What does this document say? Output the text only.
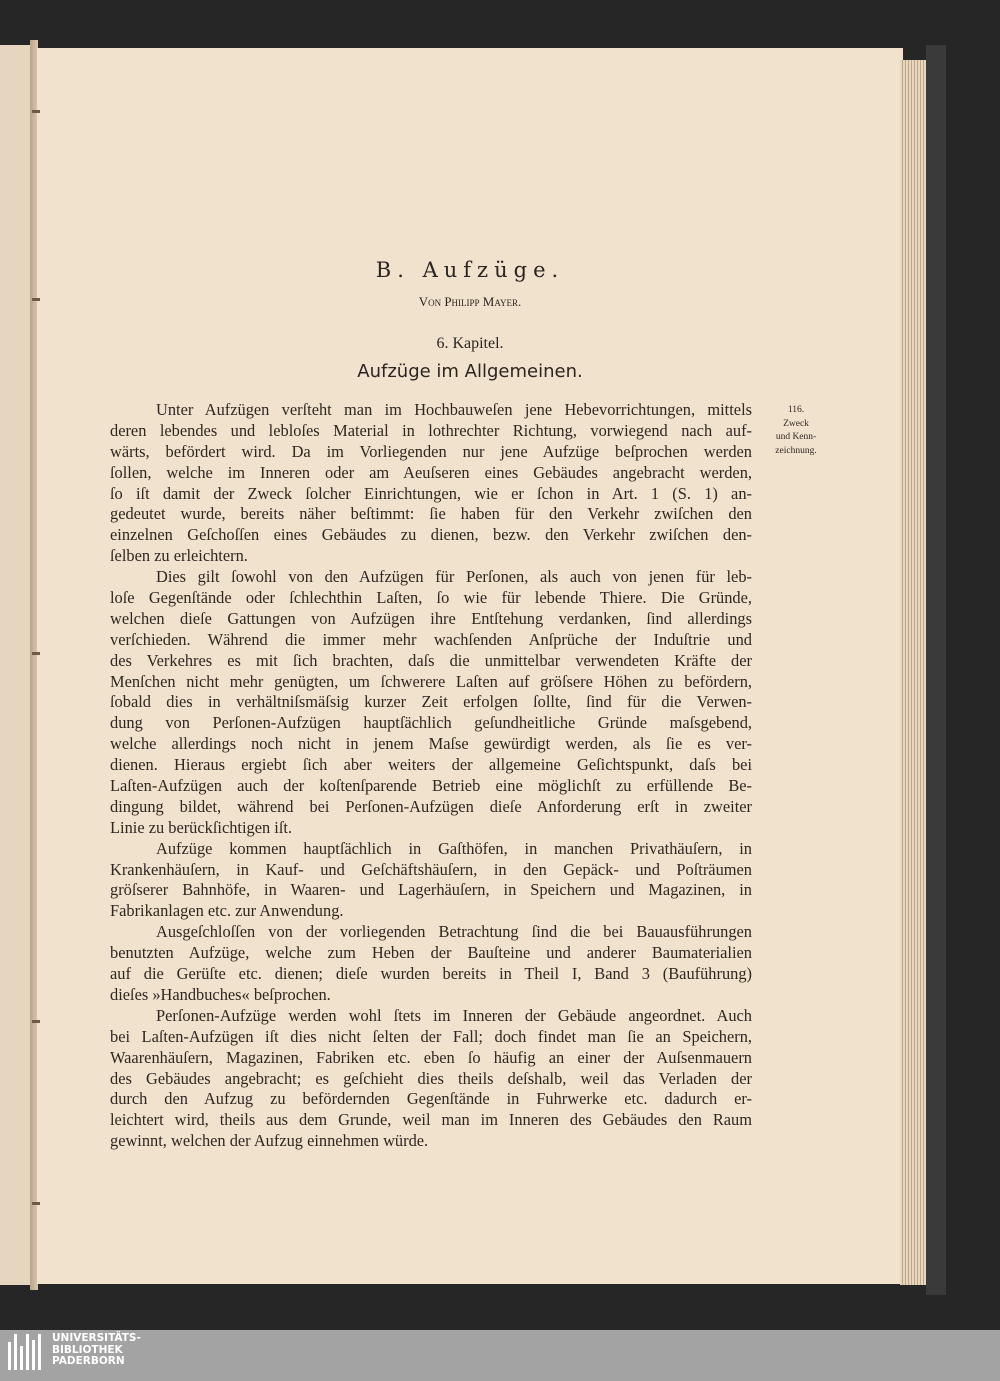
B. Aufzüge.
Von Philipp Mayer.
6. Kapitel.
Aufzüge im Allgemeinen.
Unter Aufzügen verſteht man im Hochbauweſen jene Hebevorrichtungen, mittels
deren lebendes und lebloſes Material in lothrechter Richtung, vorwiegend nach auf-
wärts, befördert wird. Da im Vorliegenden nur jene Aufzüge beſprochen werden
ſollen, welche im Inneren oder am Aeuſseren eines Gebäudes angebracht werden,
ſo iſt damit der Zweck ſolcher Einrichtungen, wie er ſchon in Art. 1 (S. 1) an-
gedeutet wurde, bereits näher beſtimmt: ſie haben für den Verkehr zwiſchen den
einzelnen Geſchoſſen eines Gebäudes zu dienen, bezw. den Verkehr zwiſchen den-
ſelben zu erleichtern.
Dies gilt ſowohl von den Aufzügen für Perſonen, als auch von jenen für leb-
loſe Gegenſtände oder ſchlechthin Laſten, ſo wie für lebende Thiere. Die Gründe,
welchen dieſe Gattungen von Aufzügen ihre Entſtehung verdanken, ſind allerdings
verſchieden. Während die immer mehr wachſenden Anſprüche der Induſtrie und
des Verkehres es mit ſich brachten, daſs die unmittelbar verwendeten Kräfte der
Menſchen nicht mehr genügten, um ſchwerere Laſten auf gröſsere Höhen zu befördern,
ſobald dies in verhältniſsmäſsig kurzer Zeit erfolgen ſollte, ſind für die Verwen-
dung von Perſonen-Aufzügen hauptſächlich geſundheitliche Gründe maſsgebend,
welche allerdings noch nicht in jenem Maſse gewürdigt werden, als ſie es ver-
dienen. Hieraus ergiebt ſich aber weiters der allgemeine Geſichtspunkt, daſs bei
Laſten-Aufzügen auch der koſtenſparende Betrieb eine möglichſt zu erfüllende Be-
dingung bildet, während bei Perſonen-Aufzügen dieſe Anforderung erſt in zweiter
Linie zu berückſichtigen iſt.
Aufzüge kommen hauptſächlich in Gaſthöfen, in manchen Privathäuſern, in
Krankenhäuſern, in Kauf- und Geſchäftshäuſern, in den Gepäck- und Poſträumen
gröſserer Bahnhöfe, in Waaren- und Lagerhäuſern, in Speichern und Magazinen, in
Fabrikanlagen etc. zur Anwendung.
Ausgeſchloſſen von der vorliegenden Betrachtung ſind die bei Bauausführungen
benutzten Aufzüge, welche zum Heben der Bauſteine und anderer Baumaterialien
auf die Gerüſte etc. dienen; dieſe wurden bereits in Theil I, Band 3 (Bauführung)
dieſes »Handbuches« beſprochen.
Perſonen-Aufzüge werden wohl ſtets im Inneren der Gebäude angeordnet. Auch
bei Laſten-Aufzügen iſt dies nicht ſelten der Fall; doch findet man ſie an Speichern,
Waarenhäuſern, Magazinen, Fabriken etc. eben ſo häufig an einer der Auſsenmauern
des Gebäudes angebracht; es geſchieht dies theils deſshalb, weil das Verladen der
durch den Aufzug zu befördernden Gegenſtände in Fuhrwerke etc. dadurch er-
leichtert wird, theils aus dem Grunde, weil man im Inneren des Gebäudes den Raum
gewinnt, welchen der Aufzug einnehmen würde.
116.
Zweck
und Kenn-
zeichnung.
UNIVERSITÄTS-
BIBLIOTHEK
PADERBORN
